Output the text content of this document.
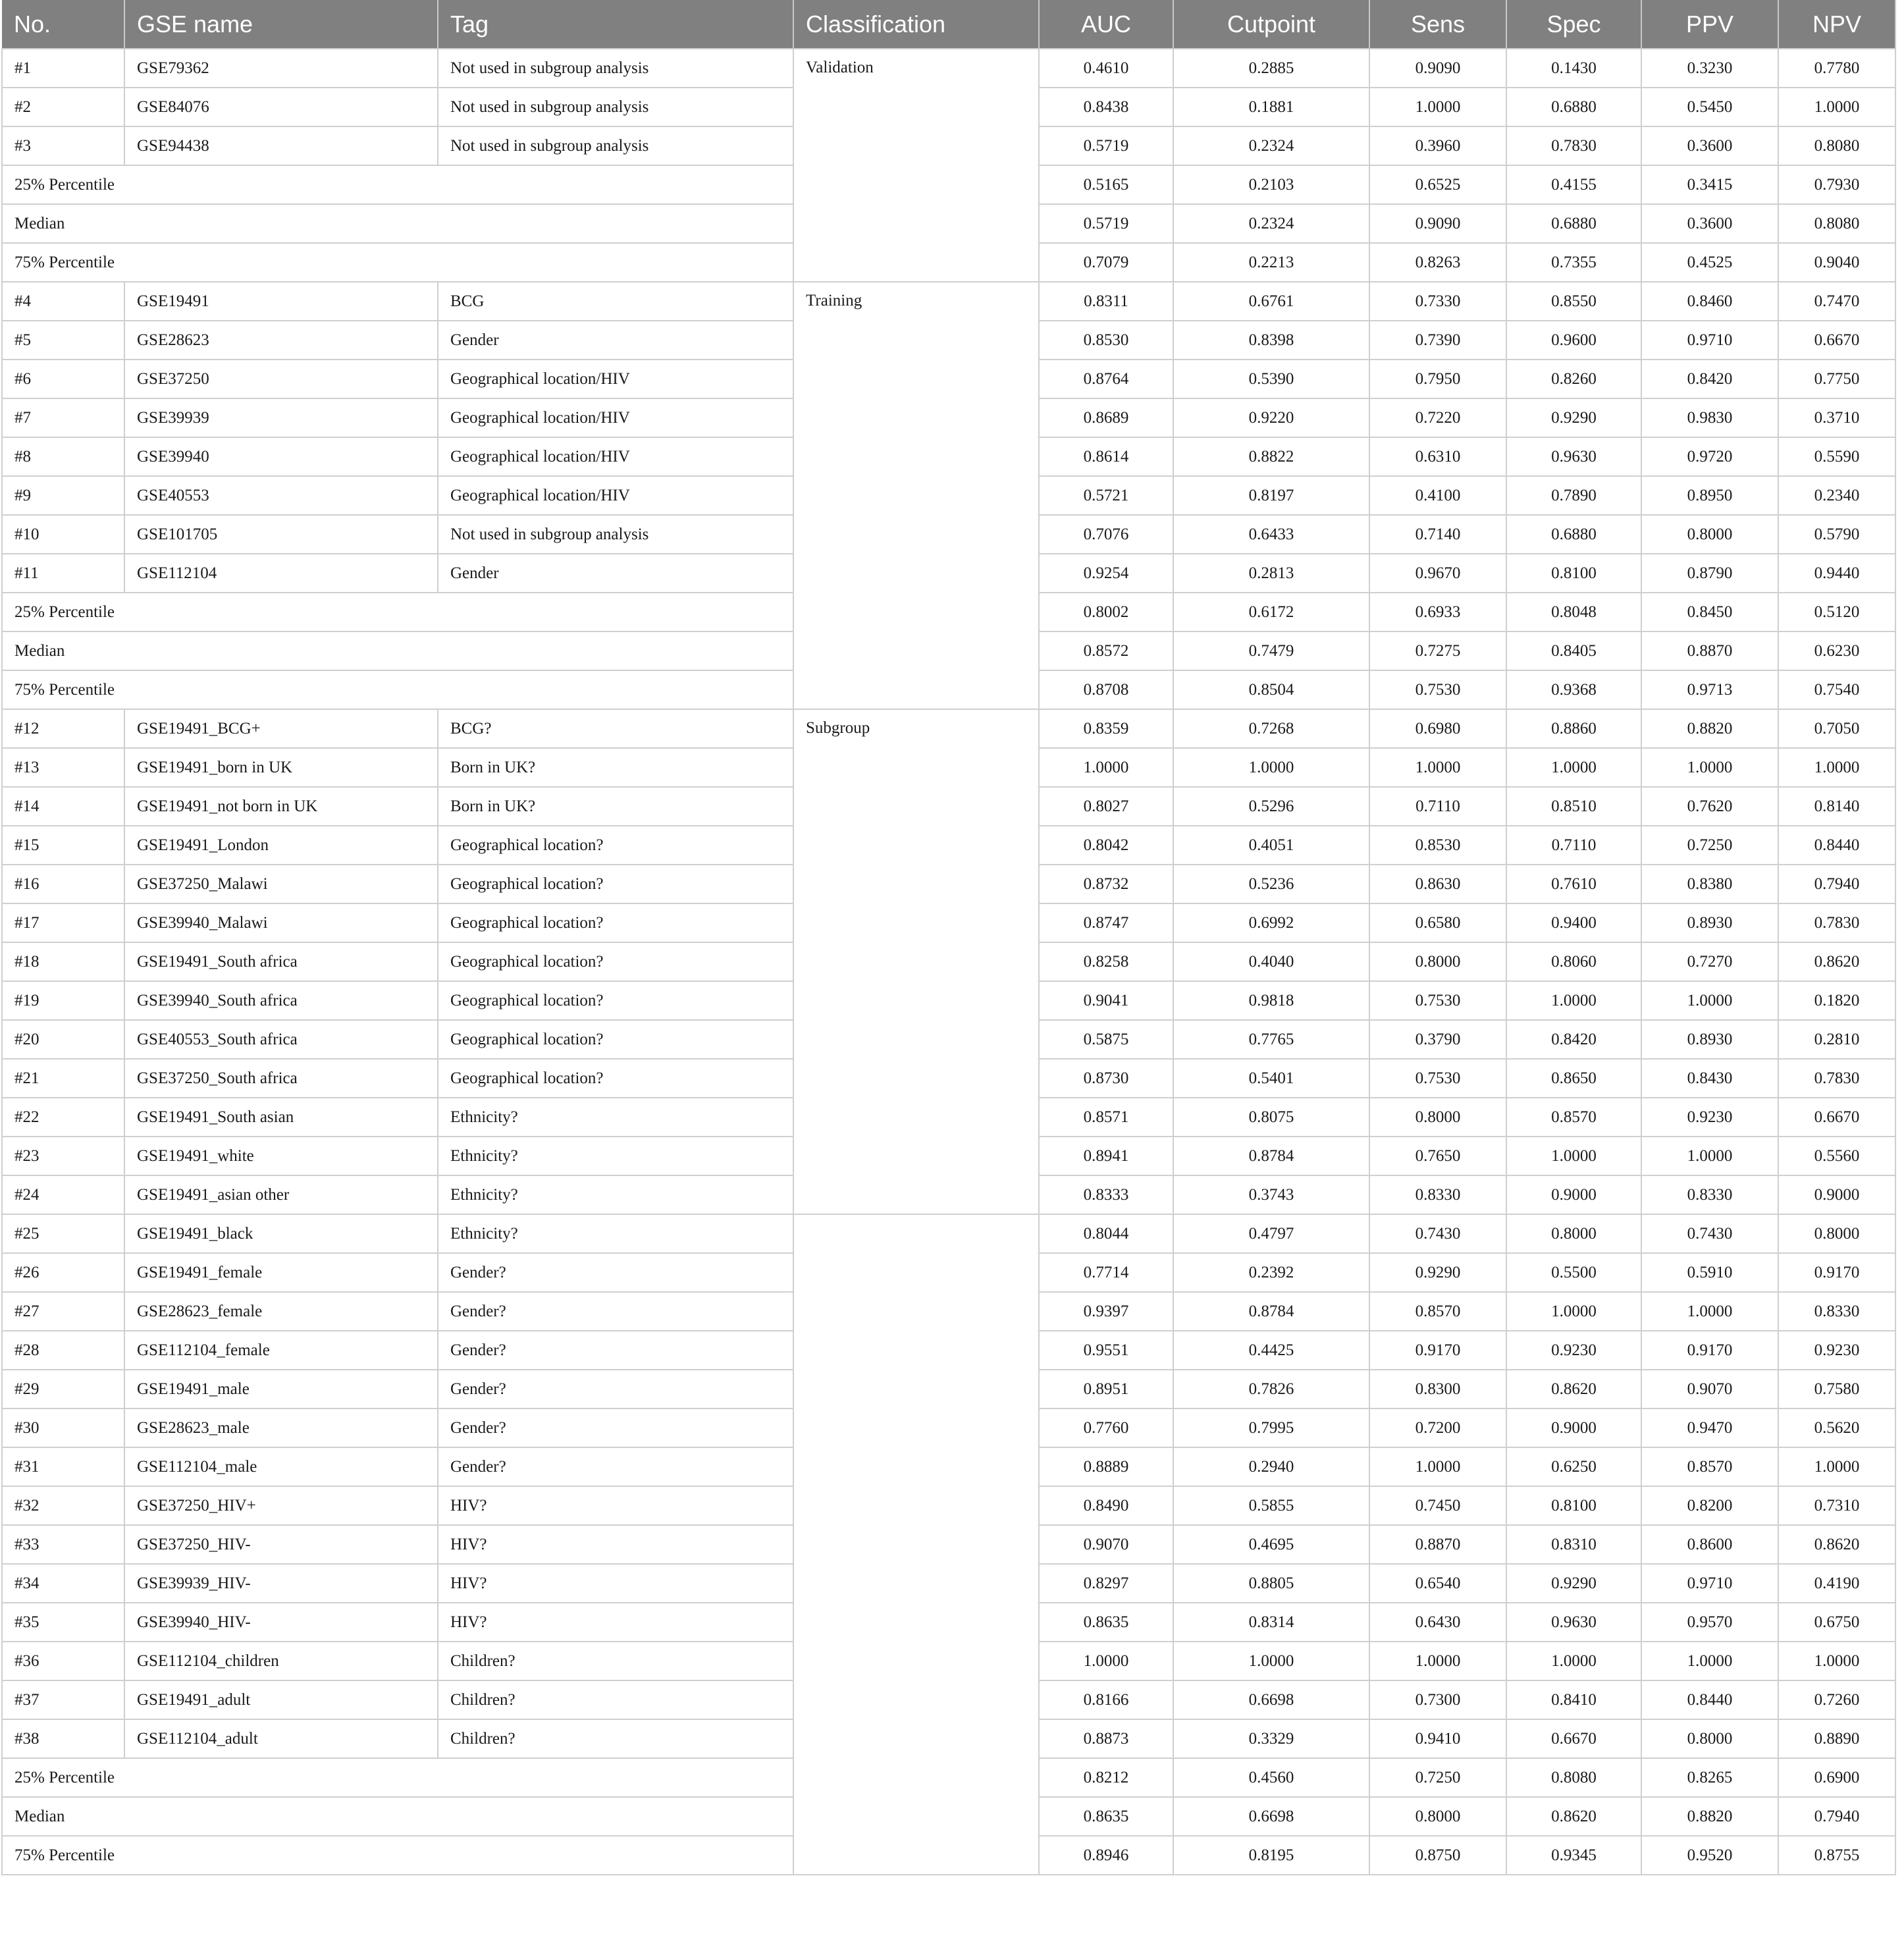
No.	GSE name	Tag	Classification	AUC	Cutpoint	Sens	Spec	PPV	NPV
#1	GSE79362	Not used in subgroup analysis	Validation	0.4610	0.2885	0.9090	0.1430	0.3230	0.7780
#2	GSE84076	Not used in subgroup analysis		0.8438	0.1881	1.0000	0.6880	0.5450	1.0000
#3	GSE94438	Not used in subgroup analysis		0.5719	0.2324	0.3960	0.7830	0.3600	0.8080
25% Percentile				0.5165	0.2103	0.6525	0.4155	0.3415	0.7930
Median				0.5719	0.2324	0.9090	0.6880	0.3600	0.8080
75% Percentile				0.7079	0.2213	0.8263	0.7355	0.4525	0.9040
#4	GSE19491	BCG	Training	0.8311	0.6761	0.7330	0.8550	0.8460	0.7470
#5	GSE28623	Gender		0.8530	0.8398	0.7390	0.9600	0.9710	0.6670
#6	GSE37250	Geographical location/HIV		0.8764	0.5390	0.7950	0.8260	0.8420	0.7750
#7	GSE39939	Geographical location/HIV		0.8689	0.9220	0.7220	0.9290	0.9830	0.3710
#8	GSE39940	Geographical location/HIV		0.8614	0.8822	0.6310	0.9630	0.9720	0.5590
#9	GSE40553	Geographical location/HIV		0.5721	0.8197	0.4100	0.7890	0.8950	0.2340
#10	GSE101705	Not used in subgroup analysis		0.7076	0.6433	0.7140	0.6880	0.8000	0.5790
#11	GSE112104	Gender		0.9254	0.2813	0.9670	0.8100	0.8790	0.9440
25% Percentile				0.8002	0.6172	0.6933	0.8048	0.8450	0.5120
Median				0.8572	0.7479	0.7275	0.8405	0.8870	0.6230
75% Percentile				0.8708	0.8504	0.7530	0.9368	0.9713	0.7540
#12	GSE19491_BCG+	BCG?	Subgroup	0.8359	0.7268	0.6980	0.8860	0.8820	0.7050
#13	GSE19491_born in UK	Born in UK?		1.0000	1.0000	1.0000	1.0000	1.0000	1.0000
#14	GSE19491_not born in UK	Born in UK?		0.8027	0.5296	0.7110	0.8510	0.7620	0.8140
#15	GSE19491_London	Geographical location?		0.8042	0.4051	0.8530	0.7110	0.7250	0.8440
#16	GSE37250_Malawi	Geographical location?		0.8732	0.5236	0.8630	0.7610	0.8380	0.7940
#17	GSE39940_Malawi	Geographical location?		0.8747	0.6992	0.6580	0.9400	0.8930	0.7830
#18	GSE19491_South africa	Geographical location?		0.8258	0.4040	0.8000	0.8060	0.7270	0.8620
#19	GSE39940_South africa	Geographical location?		0.9041	0.9818	0.7530	1.0000	1.0000	0.1820
#20	GSE40553_South africa	Geographical location?		0.5875	0.7765	0.3790	0.8420	0.8930	0.2810
#21	GSE37250_South africa	Geographical location?		0.8730	0.5401	0.7530	0.8650	0.8430	0.7830
#22	GSE19491_South asian	Ethnicity?		0.8571	0.8075	0.8000	0.8570	0.9230	0.6670
#23	GSE19491_white	Ethnicity?		0.8941	0.8784	0.7650	1.0000	1.0000	0.5560
#24	GSE19491_asian other	Ethnicity?		0.8333	0.3743	0.8330	0.9000	0.8330	0.9000
#25	GSE19491_black	Ethnicity?		0.8044	0.4797	0.7430	0.8000	0.7430	0.8000
#26	GSE19491_female	Gender?		0.7714	0.2392	0.9290	0.5500	0.5910	0.9170
#27	GSE28623_female	Gender?		0.9397	0.8784	0.8570	1.0000	1.0000	0.8330
#28	GSE112104_female	Gender?		0.9551	0.4425	0.9170	0.9230	0.9170	0.9230
#29	GSE19491_male	Gender?		0.8951	0.7826	0.8300	0.8620	0.9070	0.7580
#30	GSE28623_male	Gender?		0.7760	0.7995	0.7200	0.9000	0.9470	0.5620
#31	GSE112104_male	Gender?		0.8889	0.2940	1.0000	0.6250	0.8570	1.0000
#32	GSE37250_HIV+	HIV?		0.8490	0.5855	0.7450	0.8100	0.8200	0.7310
#33	GSE37250_HIV-	HIV?		0.9070	0.4695	0.8870	0.8310	0.8600	0.8620
#34	GSE39939_HIV-	HIV?		0.8297	0.8805	0.6540	0.9290	0.9710	0.4190
#35	GSE39940_HIV-	HIV?		0.8635	0.8314	0.6430	0.9630	0.9570	0.6750
#36	GSE112104_children	Children?		1.0000	1.0000	1.0000	1.0000	1.0000	1.0000
#37	GSE19491_adult	Children?		0.8166	0.6698	0.7300	0.8410	0.8440	0.7260
#38	GSE112104_adult	Children?		0.8873	0.3329	0.9410	0.6670	0.8000	0.8890
25% Percentile				0.8212	0.4560	0.7250	0.8080	0.8265	0.6900
Median				0.8635	0.6698	0.8000	0.8620	0.8820	0.7940
75% Percentile				0.8946	0.8195	0.8750	0.9345	0.9520	0.8755
